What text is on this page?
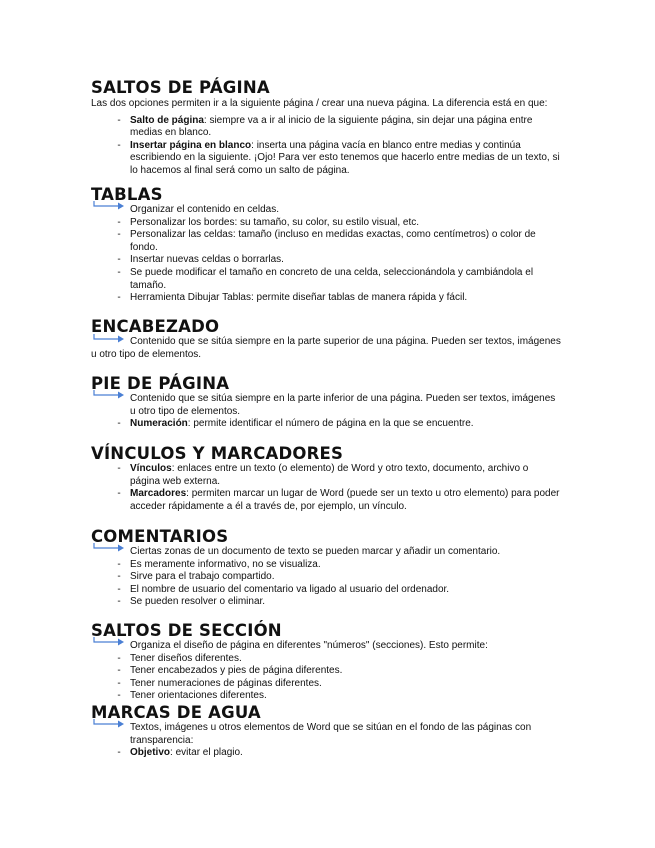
SALTOS DE PÁGINA

Las dos opciones permiten ir a la siguiente página / crear una nueva página. La diferencia está en que:

- Salto de página: siempre va a ir al inicio de la siguiente página, sin dejar una página entre medias en blanco.
- Insertar página en blanco: inserta una página vacía en blanco entre medias y continúa escribiendo en la siguiente. ¡Ojo! Para ver esto tenemos que hacerlo entre medias de un texto, si lo hacemos al final será como un salto de página.
TABLAS
Organizar el contenido en celdas.
- Personalizar los bordes: su tamaño, su color, su estilo visual, etc.
- Personalizar las celdas: tamaño (incluso en medidas exactas, como centímetros) o color de fondo.
- Insertar nuevas celdas o borrarlas.
- Se puede modificar el tamaño en concreto de una celda, seleccionándola y cambiándola el tamaño.
- Herramienta Dibujar Tablas: permite diseñar tablas de manera rápida y fácil.
ENCABEZADO
Contenido que se sitúa siempre en la parte superior de una página. Pueden ser textos, imágenes u otro tipo de elementos.
PIE DE PÁGINA
Contenido que se sitúa siempre en la parte inferior de una página. Pueden ser textos, imágenes u otro tipo de elementos.
- Numeración: permite identificar el número de página en la que se encuentre.
VÍNCULOS Y MARCADORES
- Vínculos: enlaces entre un texto (o elemento) de Word y otro texto, documento, archivo o página web externa.
- Marcadores: permiten marcar un lugar de Word (puede ser un texto u otro elemento) para poder acceder rápidamente a él a través de, por ejemplo, un vínculo.
COMENTARIOS
Ciertas zonas de un documento de texto se pueden marcar y añadir un comentario.
- Es meramente informativo, no se visualiza.
- Sirve para el trabajo compartido.
- El nombre de usuario del comentario va ligado al usuario del ordenador.
- Se pueden resolver o eliminar.
SALTOS DE SECCIÓN
Organiza el diseño de página en diferentes "números" (secciones). Esto permite:
- Tener diseños diferentes.
- Tener encabezados y pies de página diferentes.
- Tener numeraciones de páginas diferentes.
- Tener orientaciones diferentes.
MARCAS DE AGUA
Textos, imágenes u otros elementos de Word que se sitúan en el fondo de las páginas con transparencia:
- Objetivo: evitar el plagio.
